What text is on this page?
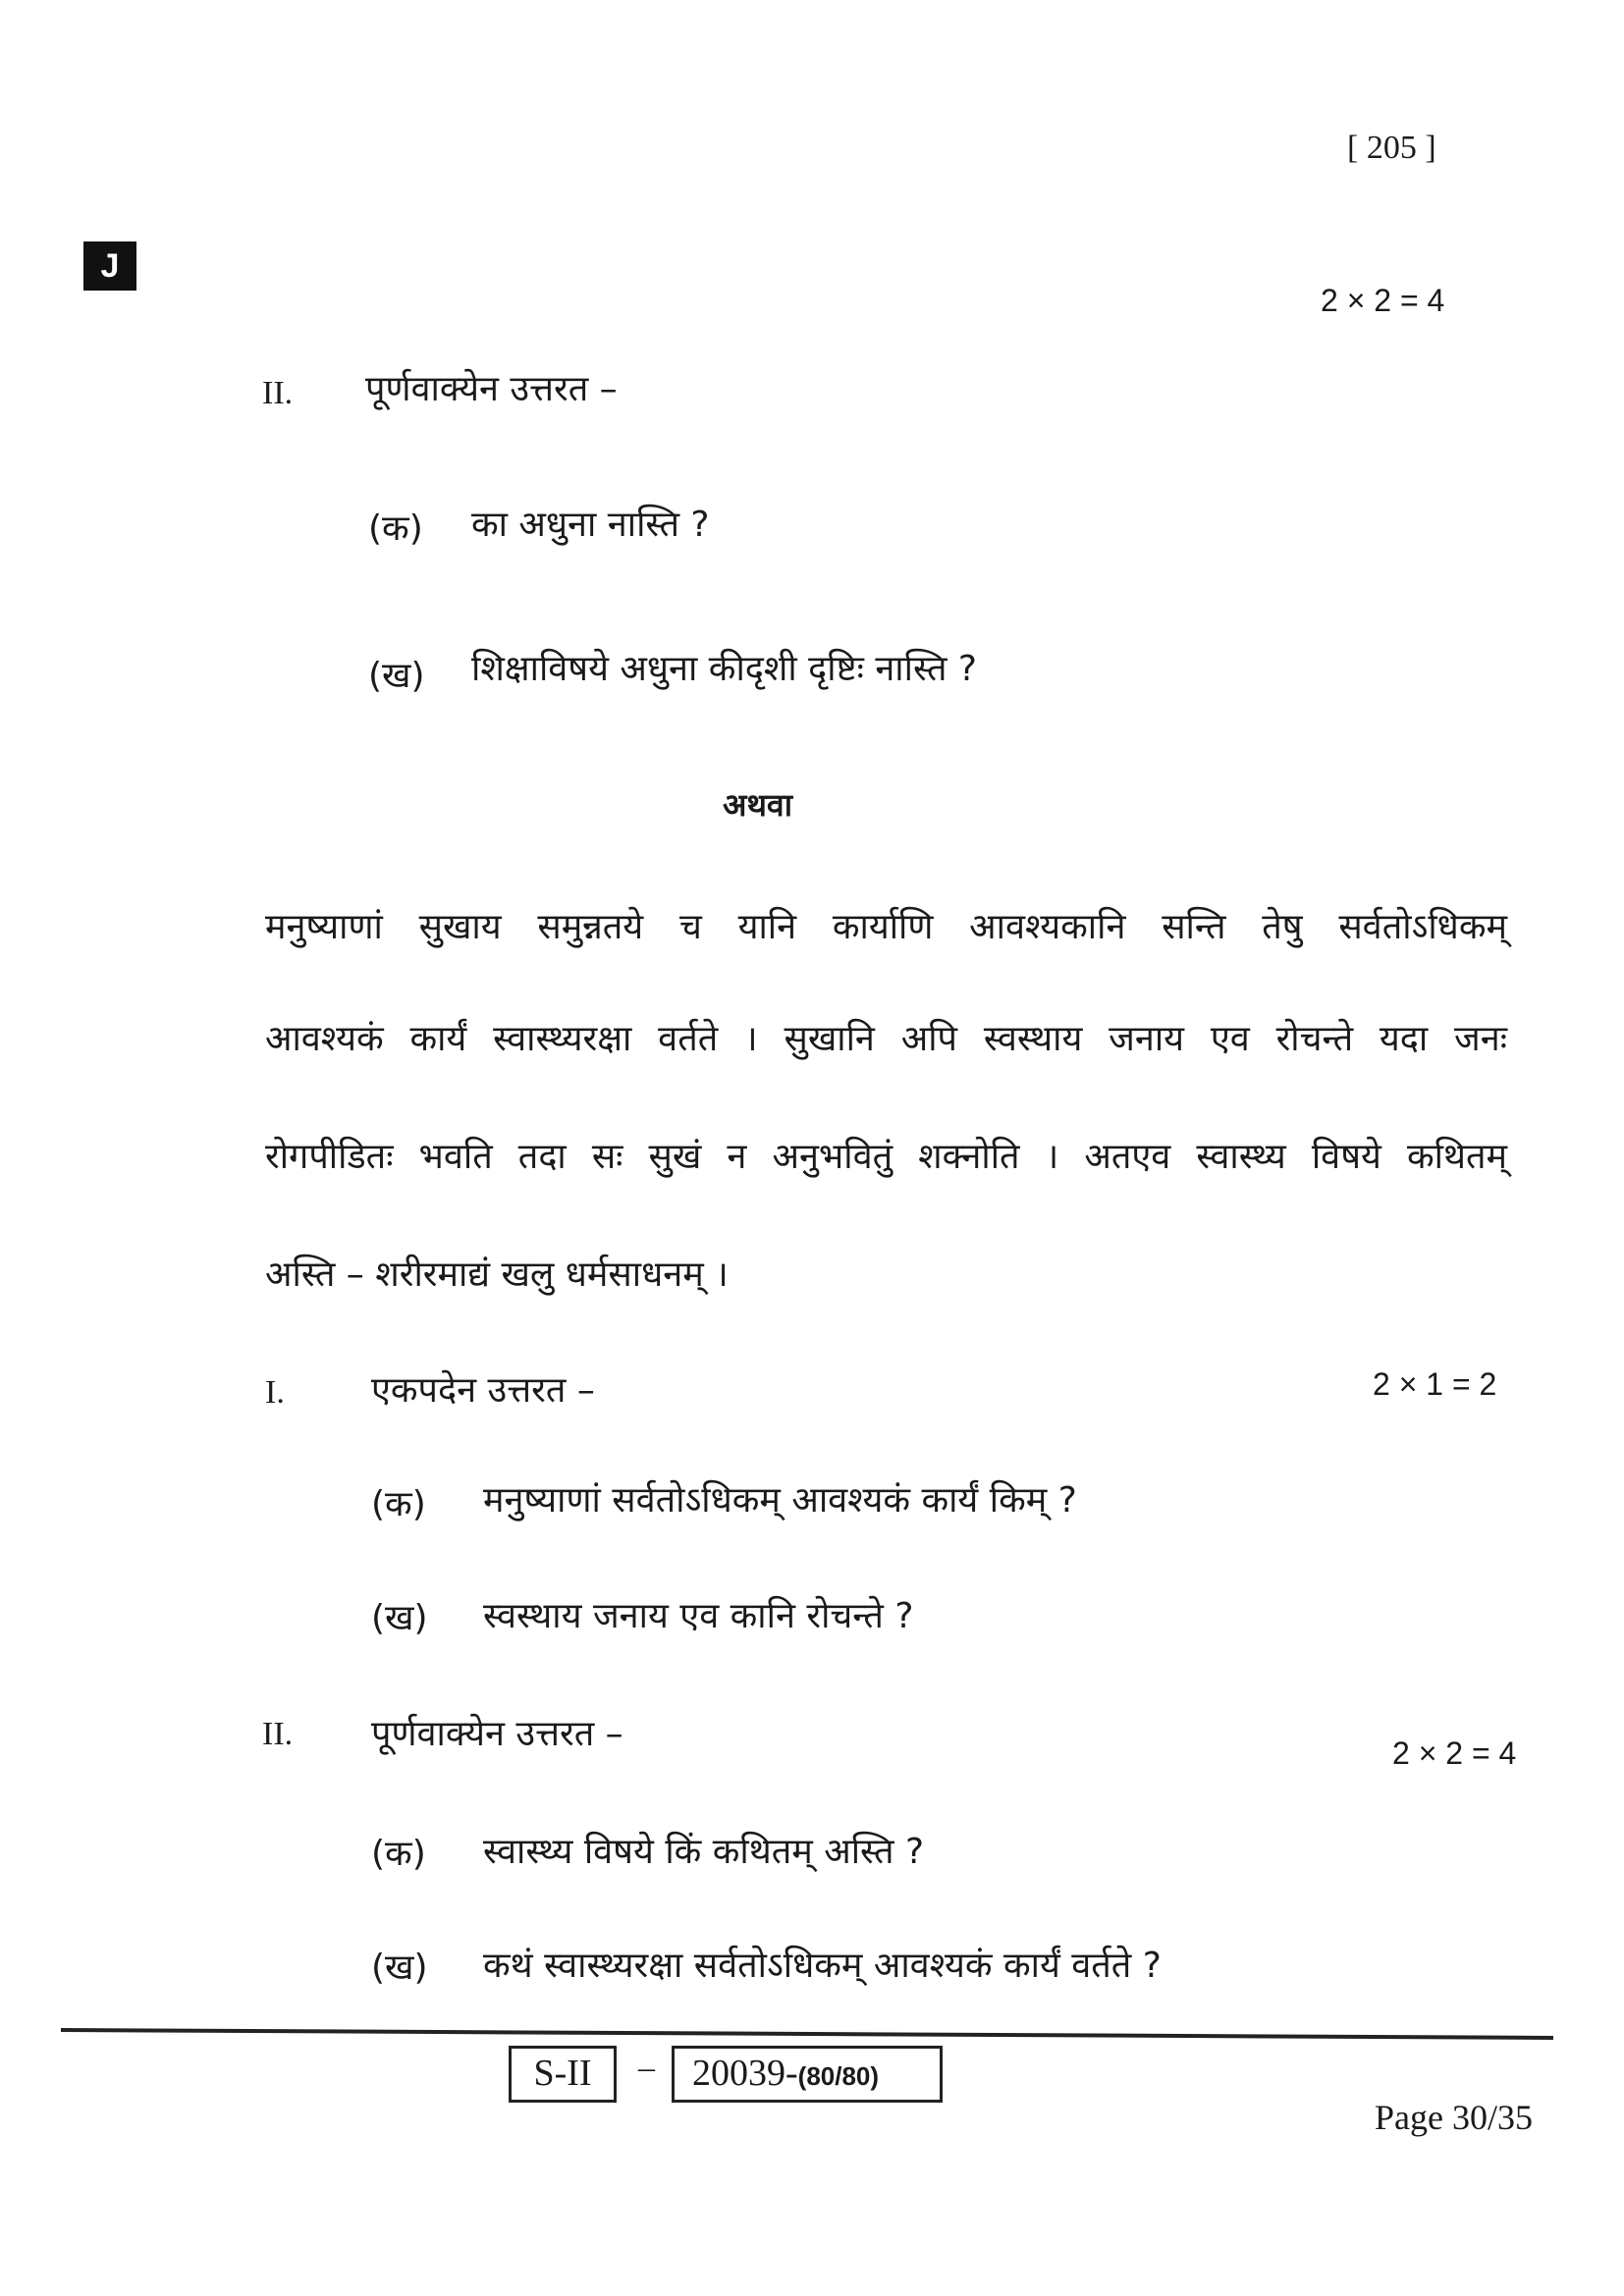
[ 205 ]
J
2 × 2 = 4
II. पूर्णवाक्येन उत्तरत –
(क) का अधुना नास्ति ?
(ख) शिक्षाविषये अधुना कीदृशी दृष्टिः नास्ति ?
अथवा
मनुष्याणां सुखाय समुन्नतये च यानि कार्याणि आवश्यकानि सन्ति तेषु सर्वतोऽधिकम्
आवश्यकं कार्यं स्वास्थ्यरक्षा वर्तते । सुखानि अपि स्वस्थाय जनाय एव रोचन्ते यदा जनः
रोगपीडितः भवति तदा सः सुखं न अनुभवितुं शक्नोति । अतएव स्वास्थ्य विषये कथितम्
अस्ति – शरीरमाद्यं खलु धर्मसाधनम् ।
I. एकपदेन उत्तरत –	2 × 1 = 2
(क) मनुष्याणां सर्वतोऽधिकम् आवश्यकं कार्यं किम् ?
(ख) स्वस्थाय जनाय एव कानि रोचन्ते ?
II. पूर्णवाक्येन उत्तरत –	2 × 2 = 4
(क) स्वास्थ्य विषये किं कथितम् अस्ति ?
(ख) कथं स्वास्थ्यरक्षा सर्वतोऽधिकम् आवश्यकं कार्यं वर्तते ?
S-II	–	20039-(80/80)
Page 30/35
